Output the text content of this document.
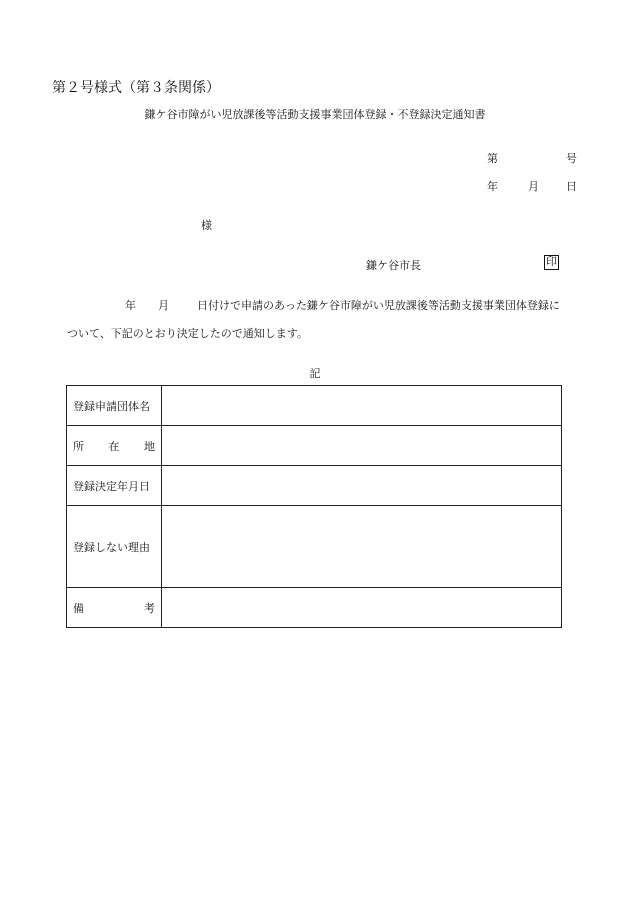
第２号様式（第３条関係）
鎌ケ谷市障がい児放課後等活動支援事業団体登録・不登録決定通知書
第	号
年	月 日
様
鎌ケ谷市長	印
年 月	日付けで申請のあった鎌ケ谷市障がい児放課後等活動支援事業団体登録に
ついて、下記のとおり決定したので通知します。
記
登録申請団体名	

所 在 地	

登録決定年月日	
登録しない理由	

備 考	
